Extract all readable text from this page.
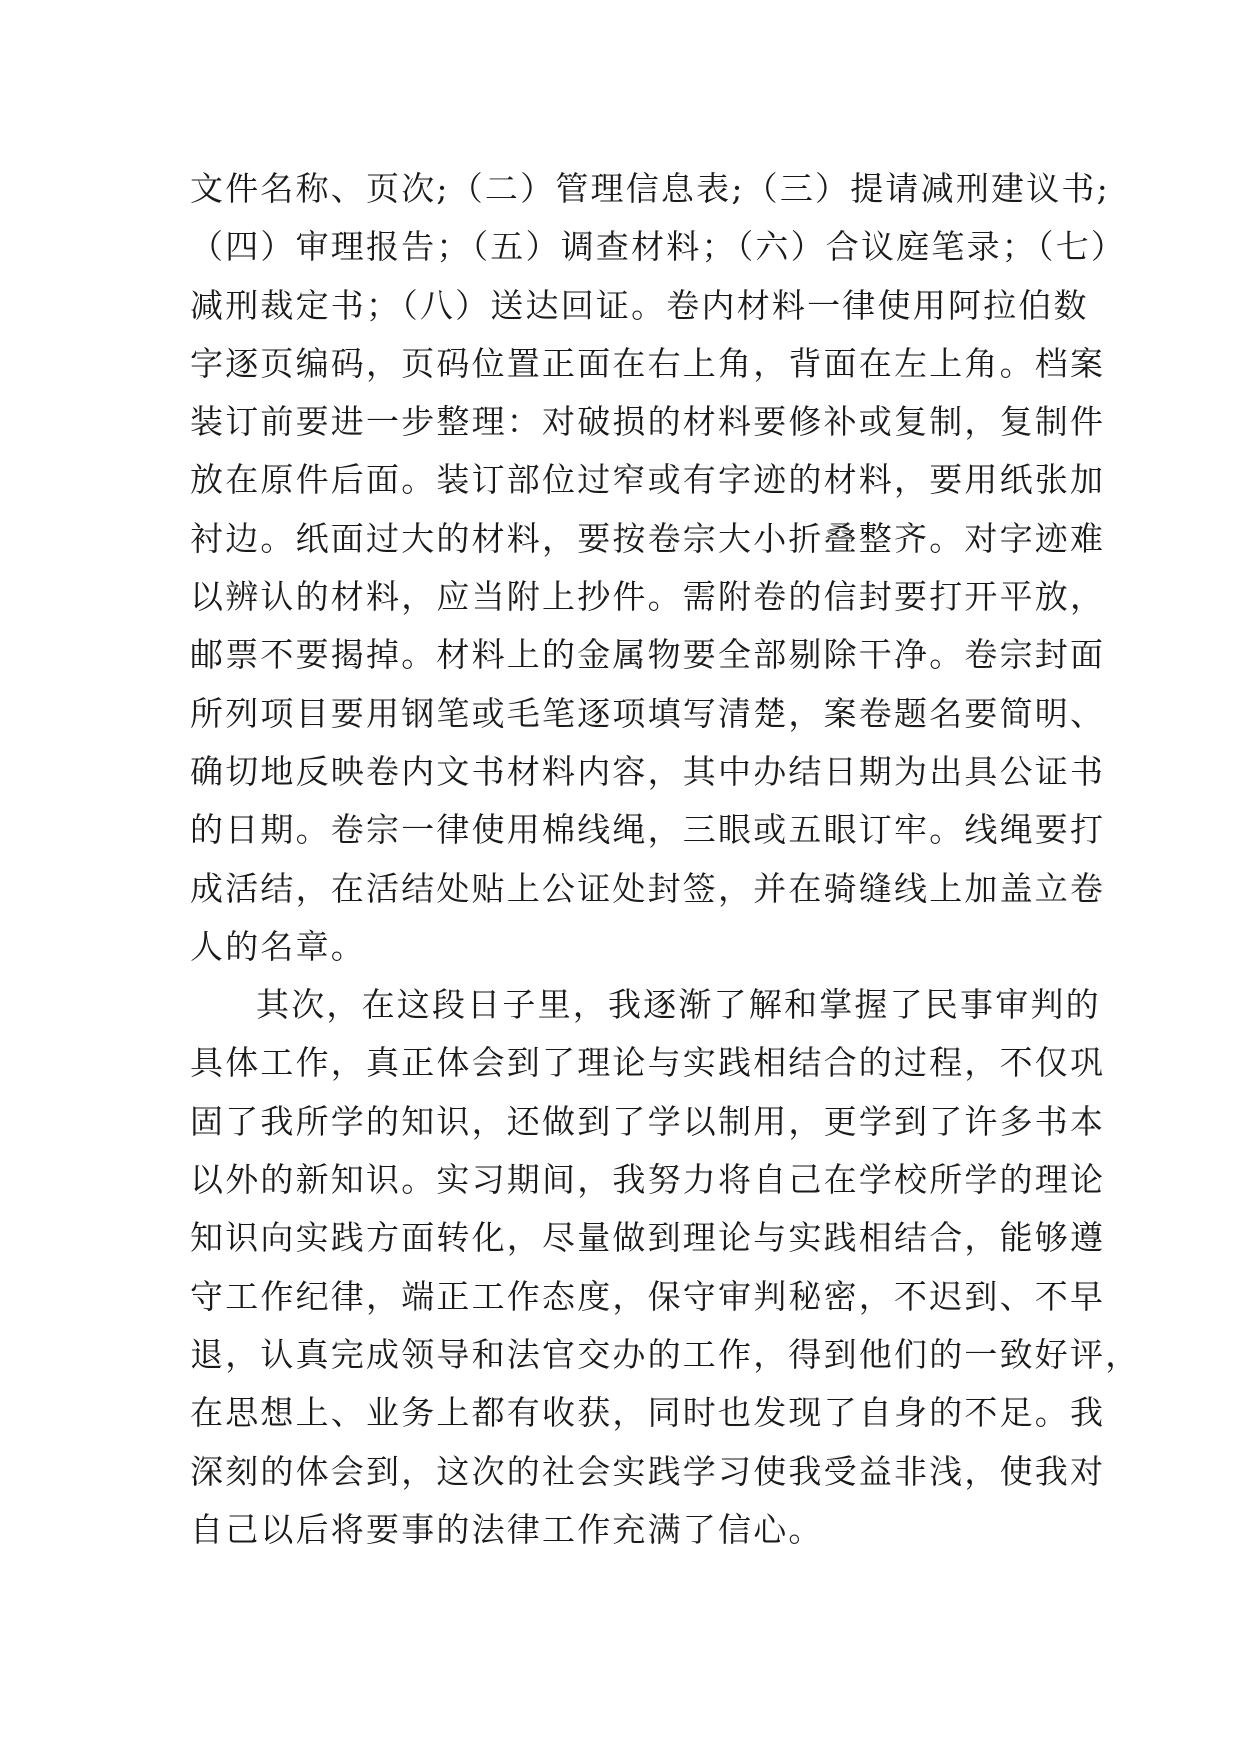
文件名称、页次;（二）管理信息表;（三）提请减刑建议书;
（四）审理报告；（五）调查材料；（六）合议庭笔录；（七）
减刑裁定书；（八）送达回证。卷内材料一律使用阿拉伯数
字逐页编码，页码位置正面在右上角，背面在左上角。档案
装订前要进一步整理：对破损的材料要修补或复制，复制件
放在原件后面。装订部位过窄或有字迹的材料，要用纸张加
衬边。纸面过大的材料，要按卷宗大小折叠整齐。对字迹难
以辨认的材料，应当附上抄件。需附卷的信封要打开平放，
邮票不要揭掉。材料上的金属物要全部剔除干净。卷宗封面
所列项目要用钢笔或毛笔逐项填写清楚，案卷题名要简明、
确切地反映卷内文书材料内容，其中办结日期为出具公证书
的日期。卷宗一律使用棉线绳，三眼或五眼订牢。线绳要打
成活结，在活结处贴上公证处封签，并在骑缝线上加盖立卷
人的名章。
其次，在这段日子里，我逐渐了解和掌握了民事审判的
具体工作，真正体会到了理论与实践相结合的过程，不仅巩
固了我所学的知识，还做到了学以制用，更学到了许多书本
以外的新知识。实习期间，我努力将自己在学校所学的理论
知识向实践方面转化，尽量做到理论与实践相结合，能够遵
守工作纪律，端正工作态度，保守审判秘密，不迟到、不早
退，认真完成领导和法官交办的工作，得到他们的一致好评，
在思想上、业务上都有收获，同时也发现了自身的不足。我
深刻的体会到，这次的社会实践学习使我受益非浅，使我对
自己以后将要事的法律工作充满了信心。
